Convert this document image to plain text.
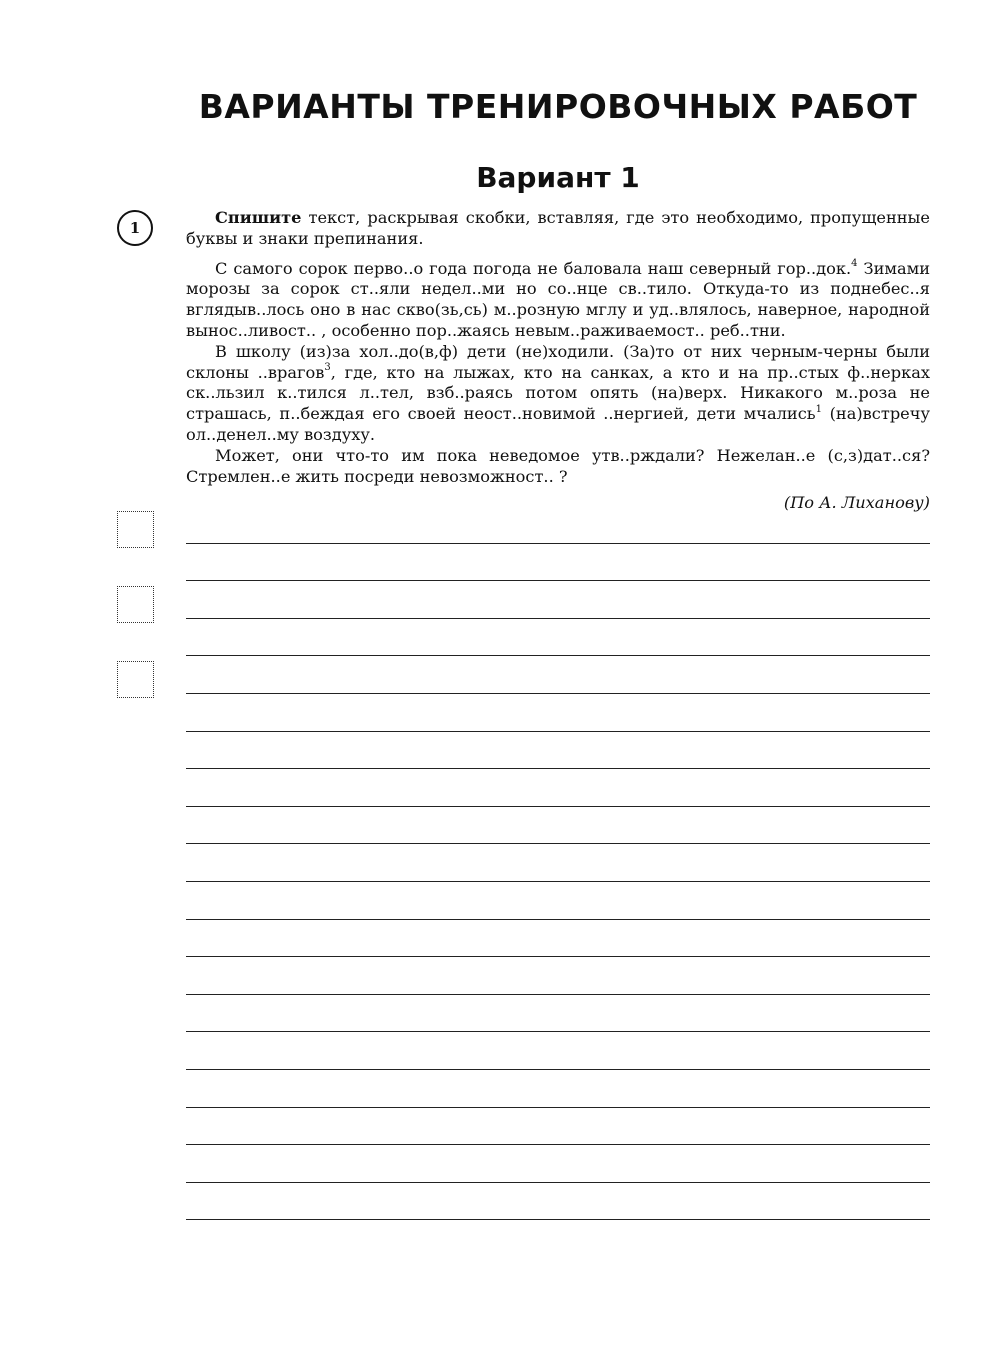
ВАРИАНТЫ ТРЕНИРОВОЧНЫХ РАБОТ
Вариант 1
1

Спишите текст, раскрывая скобки, вставляя, где это необходимо, пропущенные буквы и знаки препинания.

С самого сорок перво..о года погода не баловала наш северный гор..док.$^4$ Зимами морозы за сорок ст..яли недел..ми но со..нце св..тило. Откуда-то из поднебес..я вглядыв..лось оно в нас скво(зь,сь) м..розную мглу и уд..влялось, наверное, народной вынос..ливост.. , особенно пор..жаясь невым..раживаемост.. реб..тни.

В школу (из)за хол..до(в,ф) дети (не)ходили. (За)то от них черным-черны были склоны ..врагов$^3$, где, кто на лыжах, кто на санках, а кто и на пр..стых ф..нерках ск..льзил к..тился л..тел, взб..раясь потом опять (на)верх. Никакого м..роза не страшась, п..беждая его своей неост..новимой ..нергией, дети мчались$^1$ (на)встречу ол..денел..му воздуху.

Может, они что-то им пока неведомое утв..рждали? Нежелан..е (с,з)дат..ся? Стремлен..е жить посреди невозможност.. ?

(По А. Лиханову)
